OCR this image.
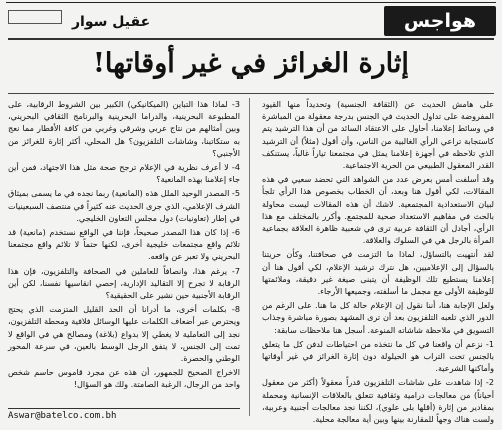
هواجس
عقيل سوار
إثارة الغرائز في غير أوقاتها!

على هامش الحديث عن (الثقافة الجنسية) وتحديداً منها القيود المفروضة على تداول الحديث في الجنس بدرجة معقولة من المباشرة في وسائط إعلامنا، أحاول على الاعتقاد السائد من أن هذا الترشيد يتم كاستجابة تراعي الرأي الغالبية من الناس، وأن أقول (مثلاً) أن الترشيد الذي تلاحظه في أجهزة إعلامنا يمثل في مجتمعنا تياراً غالباً، يستنكف القدر المعقول الطبيعي من الحرية الاجتماعية.

وقد أسلفت أمس بعرض عدد من الشواهد التي تحضد سعيي في هذه المقالات، لكي أقول هنا وبعد، أن الخطاب بخصوص هذا الرأي تلجأ لبيان الاستعدادية المجتمعية. لاشك أن هذه المقالات ليست محاولة بالحث في مفاهيم الاستعداد صحية للمجتمع. وأكرر بالمختلف مع هذا الرأي، أجادل أن الثقافة عربية ترى في شعبية ظاهرة العلاقة بجماعية المرأة بالرجل هي في السلوك والعلاقة.

لقد أنتهيت بالتساؤل، لماذا ما التزمت في صحافتنا، وكأن حريتنا بالسؤال إلى الإعلاميين، هل نترك ترشيد الإعلام، لكي أقول هنا أن إعلامنا يستطيع تلك الوظيفة أن يتبنى صيغة غير دقيقة، وملائمتها للوظيفة الأولى مع مجمل ما أسلفته، وجميعها الأرجاء.

ولعل الإجابة هنا، أننا نقول إن الإعلام حالة كل ما هنا. على الرغم من الدور الذي تلعبه التلفزيون بعد أن ترى المشهد بصورة مباشرة وجذاب التسويق في ملاحظة شاشاته المنوعة. أسجل هنا ملاحظات سابقة:

1- نزعم أن واقعنا في كل ما نتخذه من احتياطات لدفن كل ما يتعلق بالجنس تحت التراب هو الحيلولة دون إثارة الغرائز في غير أوقاتها وأماكنها الشرعية.

2- إذا شاهدت على شاشات التلفزيون قدراً معقولاً (أكثر من معقول أحياناً) من معالجات درامية وثقافية تتعلق بالعلاقات الإنسانية ومحملة بمقادير من إثارة (أقلها بلى علوي)، لكننا نجد معالجات أجنبية وعربية، ولست هناك وجهاً للمقارنة بينها وبين أية معالجة محلية.

3- لماذا هذا التباين (الميكانيكي) الكبير بين الشروط الرقابية، على المطبوعة البحرينية، والدراما البحرينية والبرنامج الثقافي البحريني، وبين أمثالهم من نتاج عربي وشرقي وغربي من كافة الأقطار مما نعج به ستكاتبنا، وشاشات التلفزيون؟ هل المحلي، أكثر إثارة للغرائز من الأجنبي؟

4- لا أعرف نظرية في الإعلام ترجح صحة مثل هذا الاجتهاد، فمن أين جاء إعلامنا بهذه المانعية؟

5- المصدر الوحيد الملل هذه (المانعية) ربما نجده في ما يسمى بميثاق الشرف الإعلامي، الذي جرى الحديث عنه كثيراً في منتصف السبعينيات في إطار (تعاونيات) دول مجلس التعاون الخليجي.

6- إذا كان هذا المصدر صحيحاً، فإننا في الواقع نستخدم (مانعية) قد تلائم واقع مجتمعات خليجية أخرى، لكنها حتماً لا تلائم واقع مجتمعنا البحريني ولا تعبر عن واقعه.

7- يرغم هذا، وانصافاً للعاملين في الصحافة والتلفزيون، فإن هذا الرقابة لا تجرح إلا التقاليد الإدارية، إحصي انقاسيها نفسنا، لكن أين الرقابة الأجنبية حين نشير على الحقيقية؟

8- بكلمات أخرى، ما أدرانا أن الحد القليل المتزمت الذي يحتج ويحترص عبر أضعاف الكلمات عليها الوسائل فلافية ومحطة التلفزيون، نجد إلى التعاملية لا يغطي إلا بدواع (بلاغة) ومصالح هي في الواقع لا تمت إلى الجنس، لا يتفق الرجل الوسط بالعين، في سرعة المحور الوطني والحصرة.

الاخراج الصحيح للجمهور، أن هذه عن مجرد قاموس حاسم شخص واحد من الرجال، الرغبة الصامتة. ولك هو السؤال!

Aswar@batelco.com.bh
